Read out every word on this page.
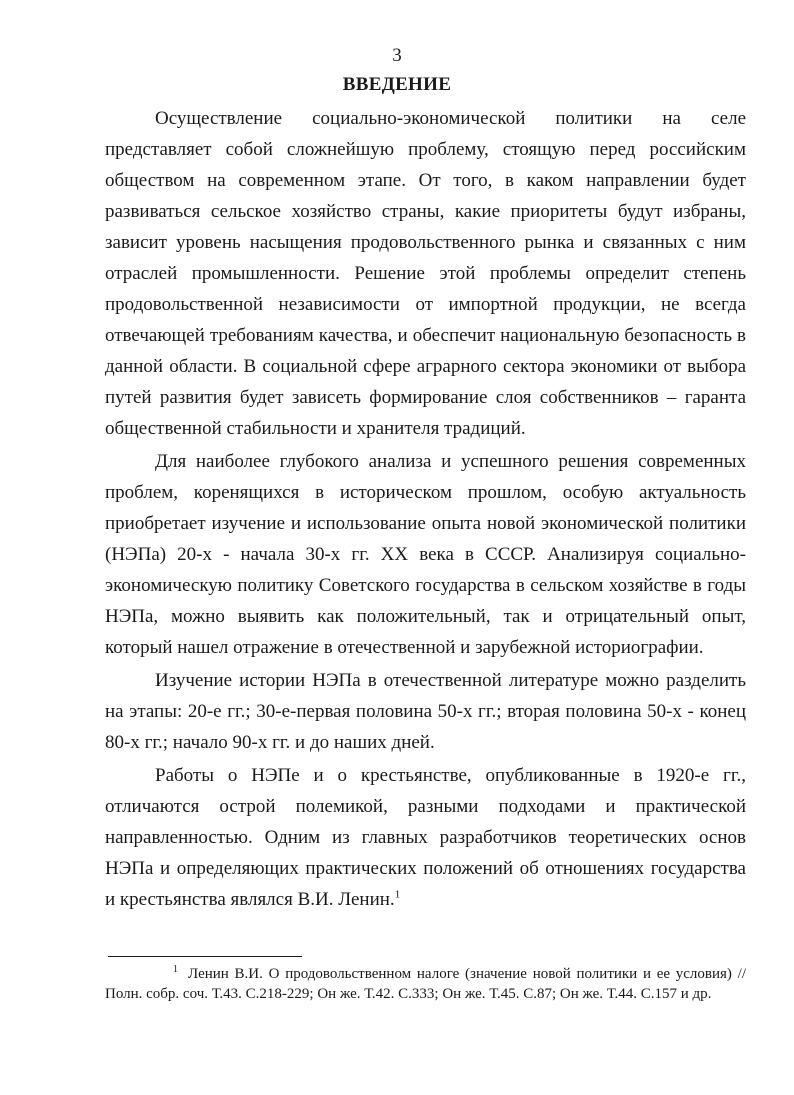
3
ВВЕДЕНИЕ

Осуществление социально-экономической политики на селе представляет собой сложнейшую проблему, стоящую перед российским обществом на современном этапе. От того, в каком направлении будет развиваться сельское хозяйство страны, какие приоритеты будут избраны, зависит уровень насыщения продовольственного рынка и связанных с ним отраслей промышленности. Решение этой проблемы определит степень продовольственной независимости от импортной продукции, не всегда отвечающей требованиям качества, и обеспечит национальную безопасность в данной области. В социальной сфере аграрного сектора экономики от выбора путей развития будет зависеть формирование слоя собственников – гаранта общественной стабильности и хранителя традиций.

Для наиболее глубокого анализа и успешного решения современных проблем, коренящихся в историческом прошлом, особую актуальность приобретает изучение и использование опыта новой экономической политики (НЭПа) 20-х - начала 30-х гг. XX века в СССР. Анализируя социально-экономическую политику Советского государства в сельском хозяйстве в годы НЭПа, можно выявить как положительный, так и отрицательный опыт, который нашел отражение в отечественной и зарубежной историографии.

Изучение истории НЭПа в отечественной литературе можно разделить на этапы: 20-е гг.; 30-е-первая половина 50-х гг.; вторая половина 50-х - конец 80-х гг.; начало 90-х гг. и до наших дней.

Работы о НЭПе и о крестьянстве, опубликованные в 1920-е гг., отличаются острой полемикой, разными подходами и практической направленностью. Одним из главных разработчиков теоретических основ НЭПа и определяющих практических положений об отношениях государства и крестьянства являлся В.И. Ленин.$^1$

$^1$ Ленин В.И. О продовольственном налоге (значение новой политики и ее условия) // Полн. собр. соч. Т.43. С.218-229; Он же. Т.42. С.333; Он же. Т.45. С.87; Он же. Т.44. С.157 и др.
